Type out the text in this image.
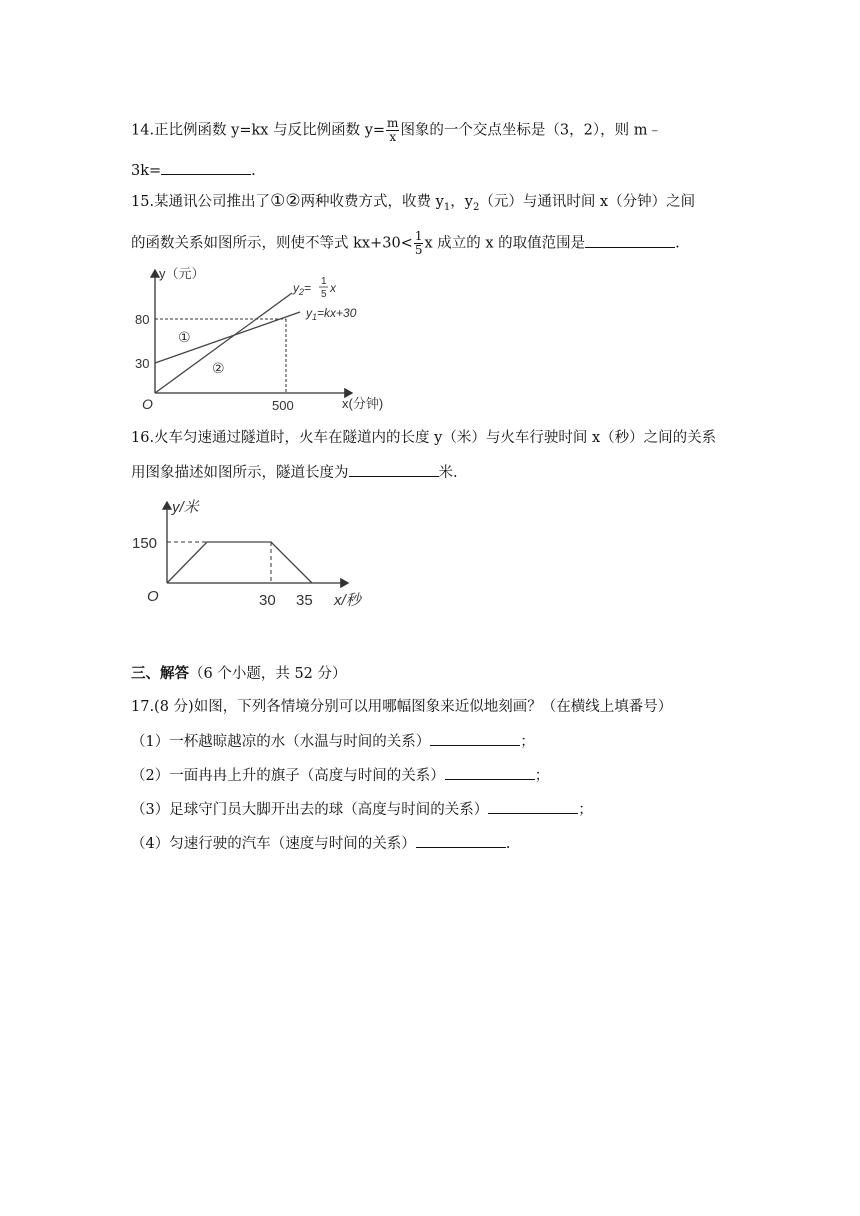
14.正比例函数 y=kx 与反比例函数 $y= \frac{m}{x}$ 图象的一个交点坐标是（3，2），则 m﹣
3k=	.
15.某通讯公司推出了①②两种收费方式，收费 $y_1$，$y_2$（元）与通讯时间 x（分钟）之间
的函数关系如图所示，则使不等式 $kx+30< \frac{1}{5}$ x 成立的 x 的取值范围是	.
y（元）
x(分钟)
O
80
30
500
①
②
$y_2= 1$
5 x
$y_1=kx+30$
16.火车匀速通过隧道时，火车在隧道内的长度 y（米）与火车行驶时间 x（秒）之间的关系
用图象描述如图所示，隧道长度为	米.
y/米
x/秒
O
150
30 35
三、解答（6 个小题，共 52 分）
17.(8 分)如图，下列各情境分别可以用哪幅图象来近似地刻画？（在横线上填番号）
（1）一杯越晾越凉的水（水温与时间的关系）	；
（2）一面冉冉上升的旗子（高度与时间的关系）	；
（3）足球守门员大脚开出去的球（高度与时间的关系）	；
（4）匀速行驶的汽车（速度与时间的关系）	.
